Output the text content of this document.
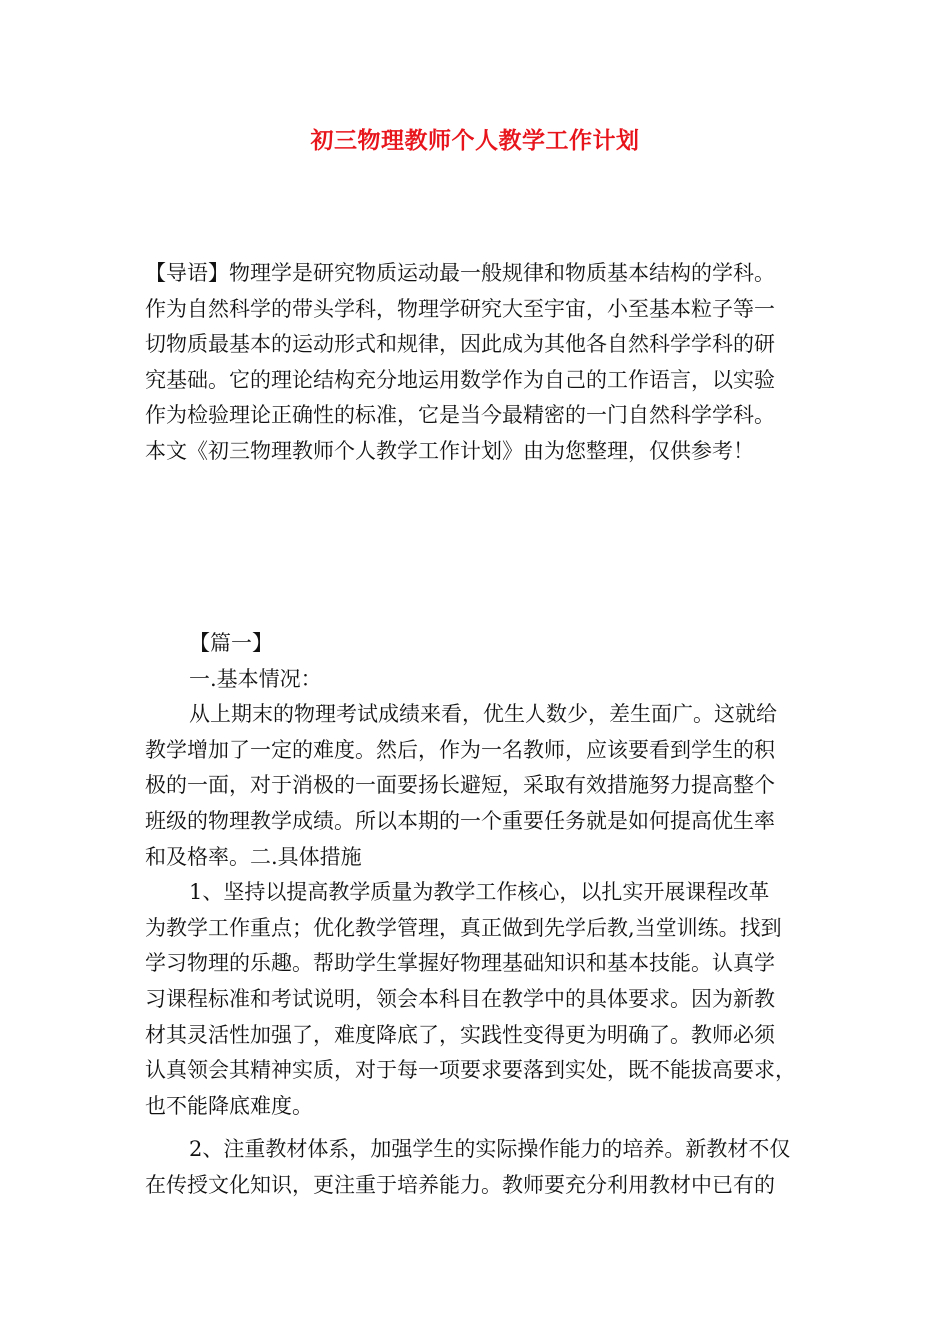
初三物理教师个人教学工作计划
【导语】物理学是研究物质运动最一般规律和物质基本结构的学科。
作为自然科学的带头学科，物理学研究大至宇宙，小至基本粒子等一
切物质最基本的运动形式和规律，因此成为其他各自然科学学科的研
究基础。它的理论结构充分地运用数学作为自己的工作语言，以实验
作为检验理论正确性的标准，它是当今最精密的一门自然科学学科。
本文《初三物理教师个人教学工作计划》由为您整理，仅供参考！
【篇一】
一.基本情况：
从上期末的物理考试成绩来看，优生人数少，差生面广。这就给
教学增加了一定的难度。然后，作为一名教师，应该要看到学生的积
极的一面，对于消极的一面要扬长避短，采取有效措施努力提高整个
班级的物理教学成绩。所以本期的一个重要任务就是如何提高优生率
和及格率。二.具体措施
1、坚持以提高教学质量为教学工作核心，以扎实开展课程改革
为教学工作重点；优化教学管理，真正做到先学后教,当堂训练。找到
学习物理的乐趣。帮助学生掌握好物理基础知识和基本技能。认真学
习课程标准和考试说明，领会本科目在教学中的具体要求。因为新教
材其灵活性加强了，难度降底了，实践性变得更为明确了。教师必须
认真领会其精神实质，对于每一项要求要落到实处，既不能拔高要求，
也不能降底难度。
2、注重教材体系，加强学生的实际操作能力的培养。新教材不仅
在传授文化知识，更注重于培养能力。教师要充分利用教材中已有的
